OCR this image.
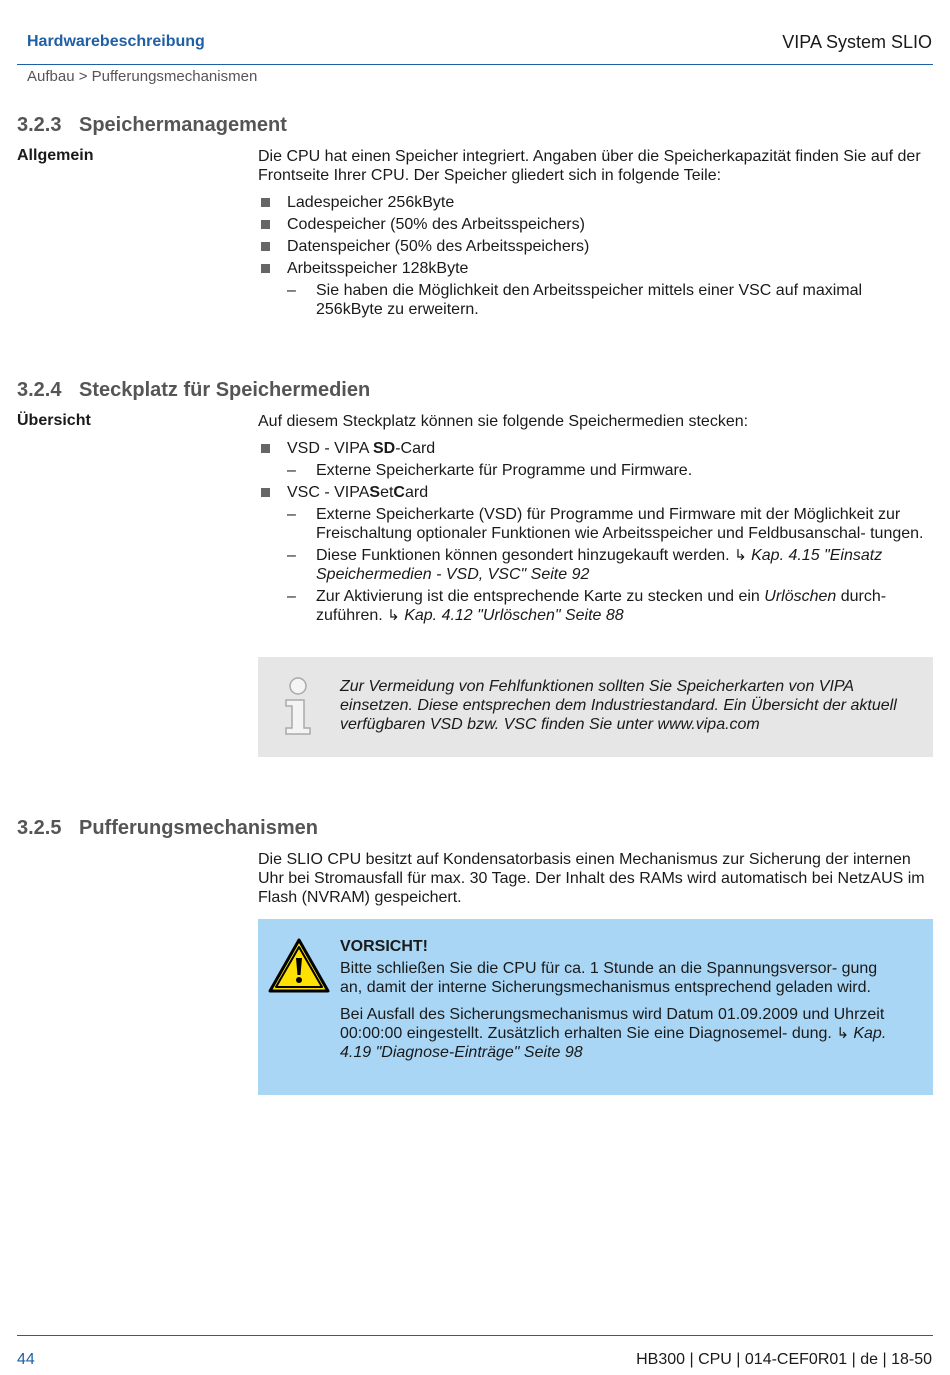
Hardwarebeschreibung	VIPA System SLIO
Aufbau > Pufferungsmechanismen
3.2.3 Speichermanagement
Allgemein	Die CPU hat einen Speicher integriert. Angaben über die Speicherkapazität finden Sie auf der Frontseite Ihrer CPU. Der Speicher gliedert sich in folgende Teile:

Ladespeicher 256kByte
Codespeicher (50% des Arbeitsspeichers)
Datenspeicher (50% des Arbeitsspeichers)
Arbeitsspeicher 128kByte
– Sie haben die Möglichkeit den Arbeitsspeicher mittels einer VSC auf maximal 256kByte zu erweitern.
3.2.4 Steckplatz für Speichermedien
Übersicht	Auf diesem Steckplatz können sie folgende Speichermedien stecken:

VSD - VIPA SD-Card
– Externe Speicherkarte für Programme und Firmware.
VSC - VIPASetCard
– Externe Speicherkarte (VSD) für Programme und Firmware mit der Möglichkeit zur Freischaltung optionaler Funktionen wie Arbeitsspeicher und Feldbusanschal- tungen.
– Diese Funktionen können gesondert hinzugekauft werden. ↳ Kap. 4.15 "Einsatz Speichermedien - VSD, VSC" Seite 92
– Zur Aktivierung ist die entsprechende Karte zu stecken und ein Urlöschen durch- zuführen. ↳ Kap. 4.12 "Urlöschen" Seite 88
Zur Vermeidung von Fehlfunktionen sollten Sie Speicherkarten von VIPA einsetzen. Diese entsprechen dem Industriestandard. Ein Übersicht der aktuell verfügbaren VSD bzw. VSC finden Sie unter www.vipa.com
3.2.5 Pufferungsmechanismen

Die SLIO CPU besitzt auf Kondensatorbasis einen Mechanismus zur Sicherung der internen Uhr bei Stromausfall für max. 30 Tage. Der Inhalt des RAMs wird automatisch bei NetzAUS im Flash (NVRAM) gespeichert.

VORSICHT!

Bitte schließen Sie die CPU für ca. 1 Stunde an die Spannungsversor- gung an, damit der interne Sicherungsmechanismus entsprechend geladen wird.

Bei Ausfall des Sicherungsmechanismus wird Datum 01.09.2009 und Uhrzeit 00:00:00 eingestellt. Zusätzlich erhalten Sie eine Diagnosemel- dung. ↳ Kap. 4.19 "Diagnose-Einträge" Seite 98

44	HB300 | CPU | 014-CEF0R01 | de | 18-50
